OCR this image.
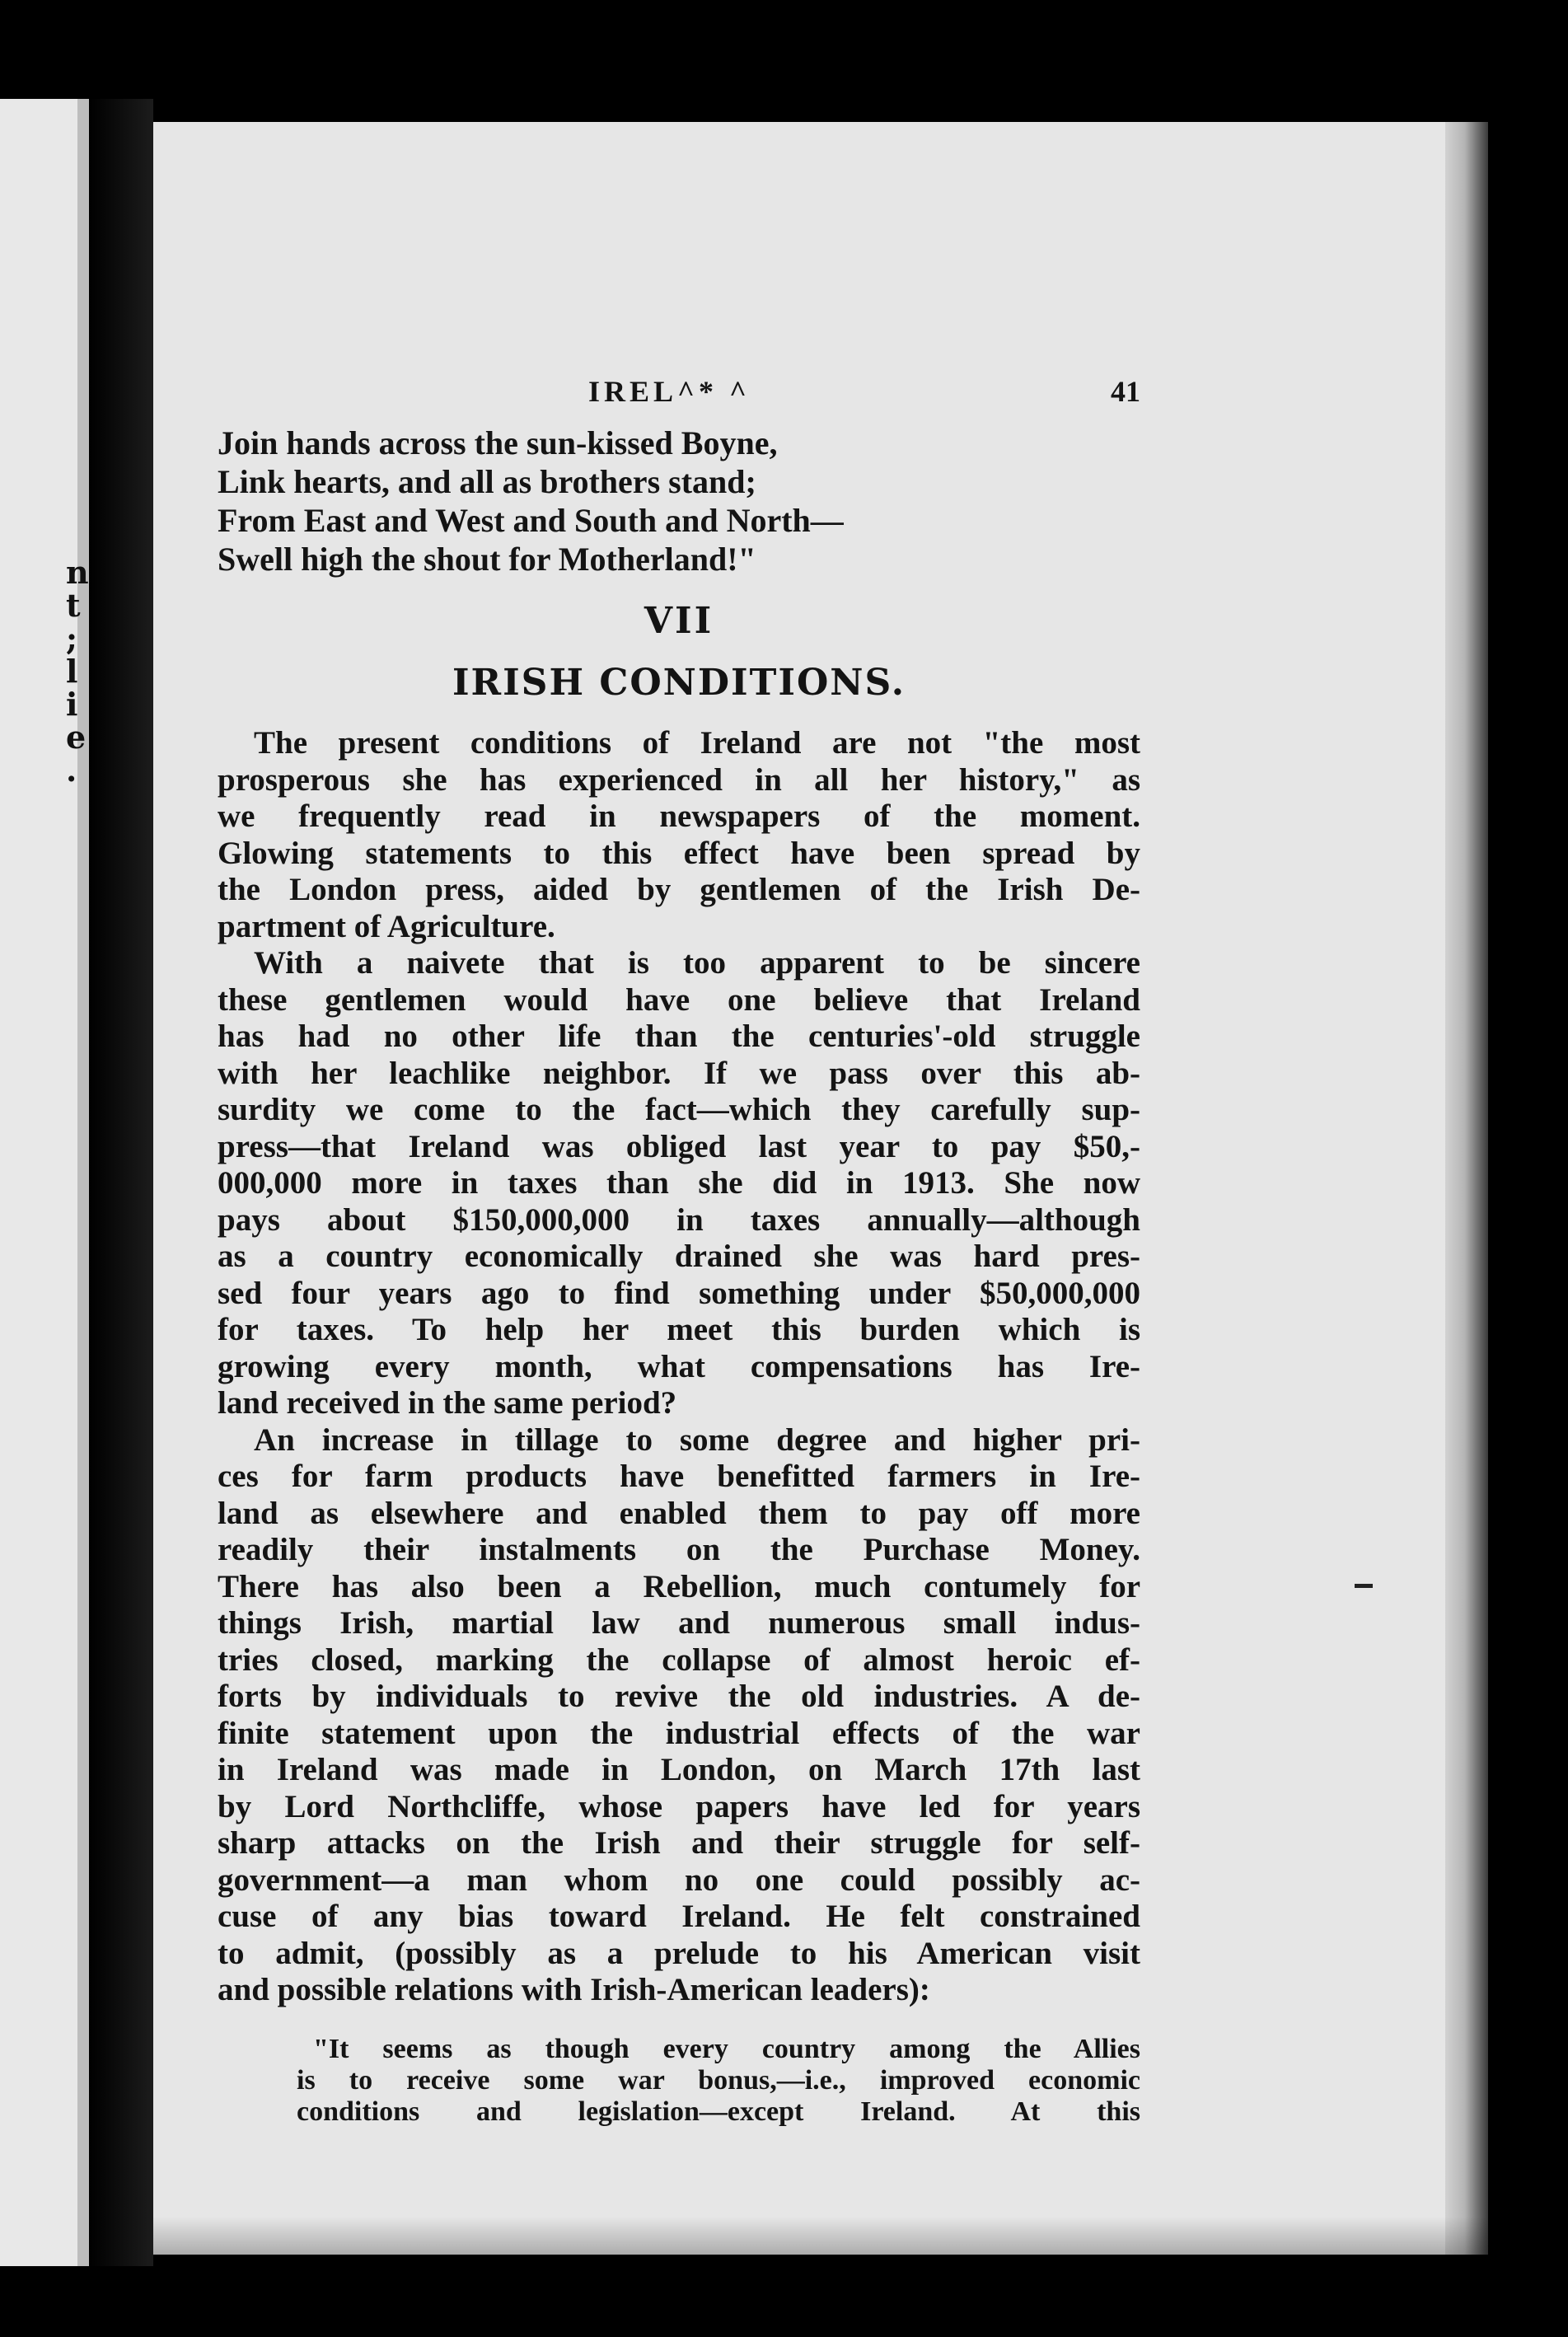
n
t
;
l
i
e
.
IREL^* ^	41
Join hands across the sun-kissed Boyne,
Link hearts, and all as brothers stand;
From East and West and South and North—
Swell high the shout for Motherland!"
VII
IRISH CONDITIONS.
The present conditions of Ireland are not "the most
prosperous she has experienced in all her history," as
we frequently read in newspapers of the moment.
Glowing statements to this effect have been spread by
the London press, aided by gentlemen of the Irish De-
partment of Agriculture.
With a naivete that is too apparent to be sincere
these gentlemen would have one believe that Ireland
has had no other life than the centuries'-old struggle
with her leachlike neighbor. If we pass over this ab-
surdity we come to the fact—which they carefully sup-
press—that Ireland was obliged last year to pay $50,-
000,000 more in taxes than she did in 1913. She now
pays about $150,000,000 in taxes annually—although
as a country economically drained she was hard pres-
sed four years ago to find something under $50,000,000
for taxes. To help her meet this burden which is
growing every month, what compensations has Ire-
land received in the same period?
An increase in tillage to some degree and higher pri-
ces for farm products have benefitted farmers in Ire-
land as elsewhere and enabled them to pay off more
readily their instalments on the Purchase Money.
There has also been a Rebellion, much contumely for
things Irish, martial law and numerous small indus-
tries closed, marking the collapse of almost heroic ef-
forts by individuals to revive the old industries. A de-
finite statement upon the industrial effects of the war
in Ireland was made in London, on March 17th last
by Lord Northcliffe, whose papers have led for years
sharp attacks on the Irish and their struggle for self-
government—a man whom no one could possibly ac-
cuse of any bias toward Ireland. He felt constrained
to admit, (possibly as a prelude to his American visit
and possible relations with Irish-American leaders):
"It seems as though every country among the Allies
is to receive some war bonus,—i.e., improved economic
conditions and legislation—except Ireland. At this
